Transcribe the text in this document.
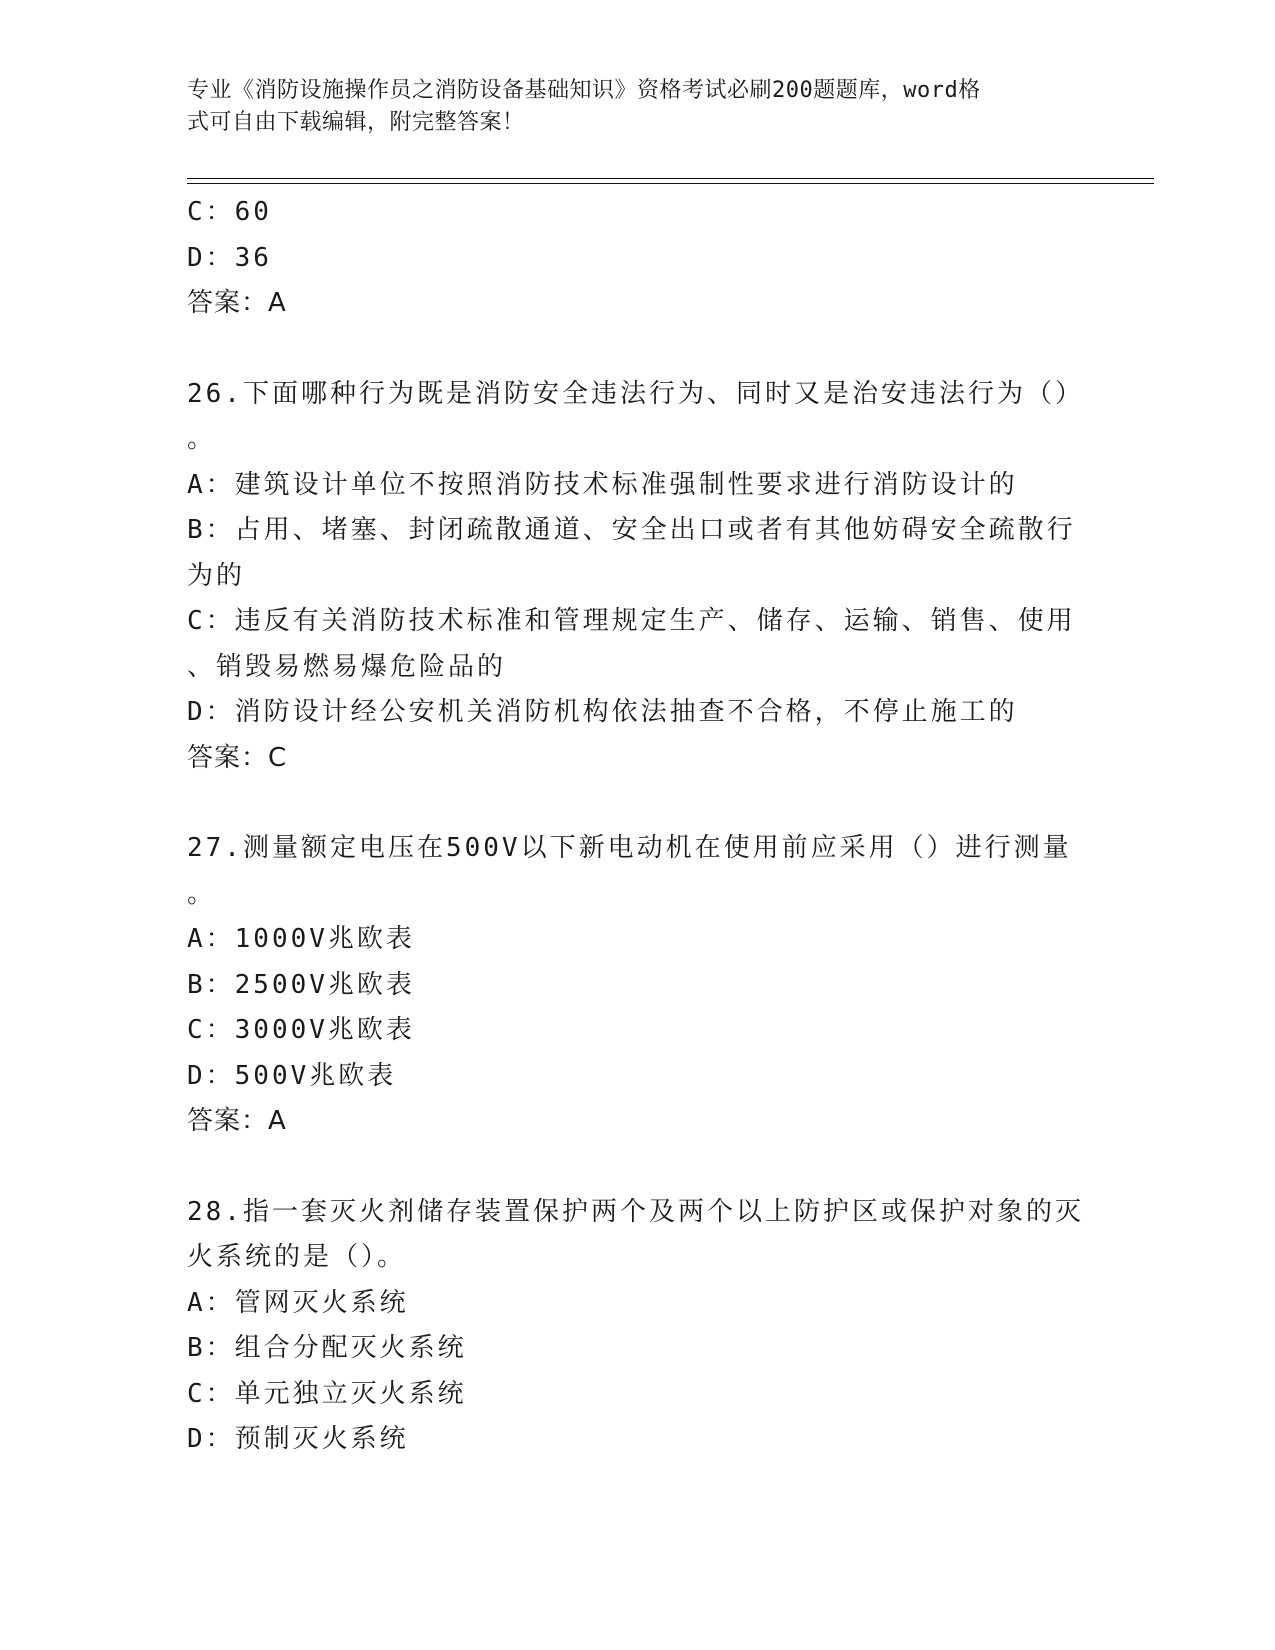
专业《消防设施操作员之消防设备基础知识》资格考试必刷200题题库，word格
式可自由下载编辑，附完整答案！
C：60
D：36
答案：A
26.下面哪种行为既是消防安全违法行为、同时又是治安违法行为（）
。
A：建筑设计单位不按照消防技术标准强制性要求进行消防设计的
B：占用、堵塞、封闭疏散通道、安全出口或者有其他妨碍安全疏散行
为的
C：违反有关消防技术标准和管理规定生产、储存、运输、销售、使用
、销毁易燃易爆危险品的
D：消防设计经公安机关消防机构依法抽查不合格，不停止施工的
答案：C
27.测量额定电压在500V以下新电动机在使用前应采用（）进行测量
。
A：1000V兆欧表
B：2500V兆欧表
C：3000V兆欧表
D：500V兆欧表
答案：A
28.指一套灭火剂储存装置保护两个及两个以上防护区或保护对象的灭
火系统的是（）。
A：管网灭火系统
B：组合分配灭火系统
C：单元独立灭火系统
D：预制灭火系统
